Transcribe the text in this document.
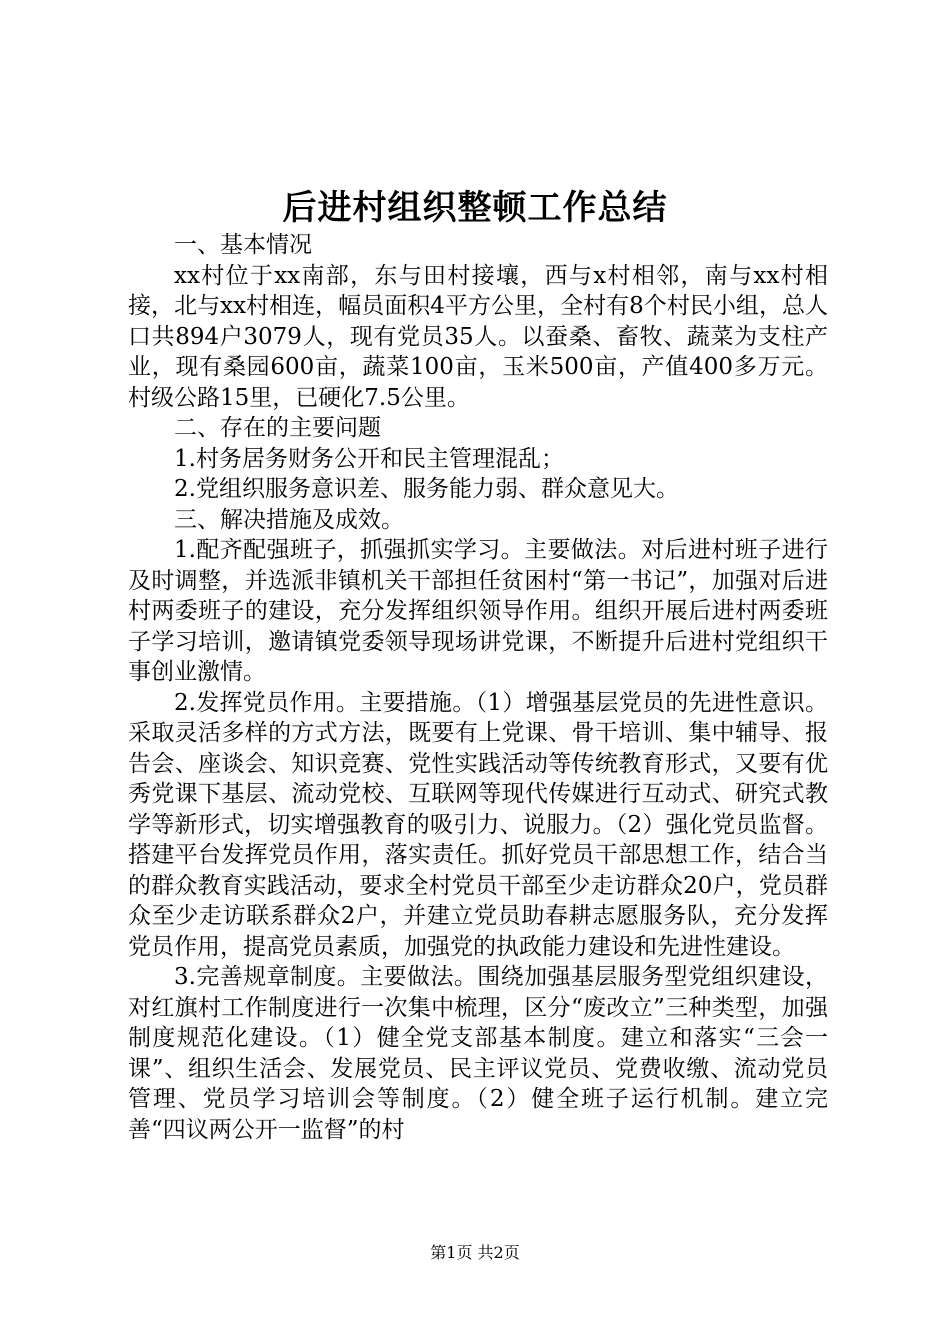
后进村组织整顿工作总结

一、基本情况

xx村位于xx南部，东与田村接壤，西与x村相邻，南与xx村相接，北与xx村相连，幅员面积4平方公里，全村有8个村民小组，总人口共894户3079人，现有党员35人。以蚕桑、畜牧、蔬菜为支柱产业，现有桑园600亩，蔬菜100亩，玉米500亩，产值400多万元。村级公路15里，已硬化7.5公里。

二、存在的主要问题

1.村务居务财务公开和民主管理混乱；

2.党组织服务意识差、服务能力弱、群众意见大。

三、解决措施及成效。

1.配齐配强班子，抓强抓实学习。主要做法。对后进村班子进行及时调整，并选派非镇机关干部担任贫困村“第一书记”，加强对后进村两委班子的建设，充分发挥组织领导作用。组织开展后进村两委班子学习培训，邀请镇党委领导现场讲党课，不断提升后进村党组织干事创业激情。

2.发挥党员作用。主要措施。（1）增强基层党员的先进性意识。采取灵活多样的方式方法，既要有上党课、骨干培训、集中辅导、报告会、座谈会、知识竞赛、党性实践活动等传统教育形式，又要有优秀党课下基层、流动党校、互联网等现代传媒进行互动式、研究式教学等新形式，切实增强教育的吸引力、说服力。（2）强化党员监督。搭建平台发挥党员作用，落实责任。抓好党员干部思想工作，结合当的群众教育实践活动，要求全村党员干部至少走访群众20户，党员群众至少走访联系群众2户，并建立党员助春耕志愿服务队，充分发挥党员作用，提高党员素质，加强党的执政能力建设和先进性建设。

3.完善规章制度。主要做法。围绕加强基层服务型党组织建设，对红旗村工作制度进行一次集中梳理，区分“废改立”三种类型，加强制度规范化建设。（1）健全党支部基本制度。建立和落实“三会一课”、组织生活会、发展党员、民主评议党员、党费收缴、流动党员管理、党员学习培训会等制度。（2）健全班子运行机制。建立完善“四议两公开一监督”的村

第1页 共2页
